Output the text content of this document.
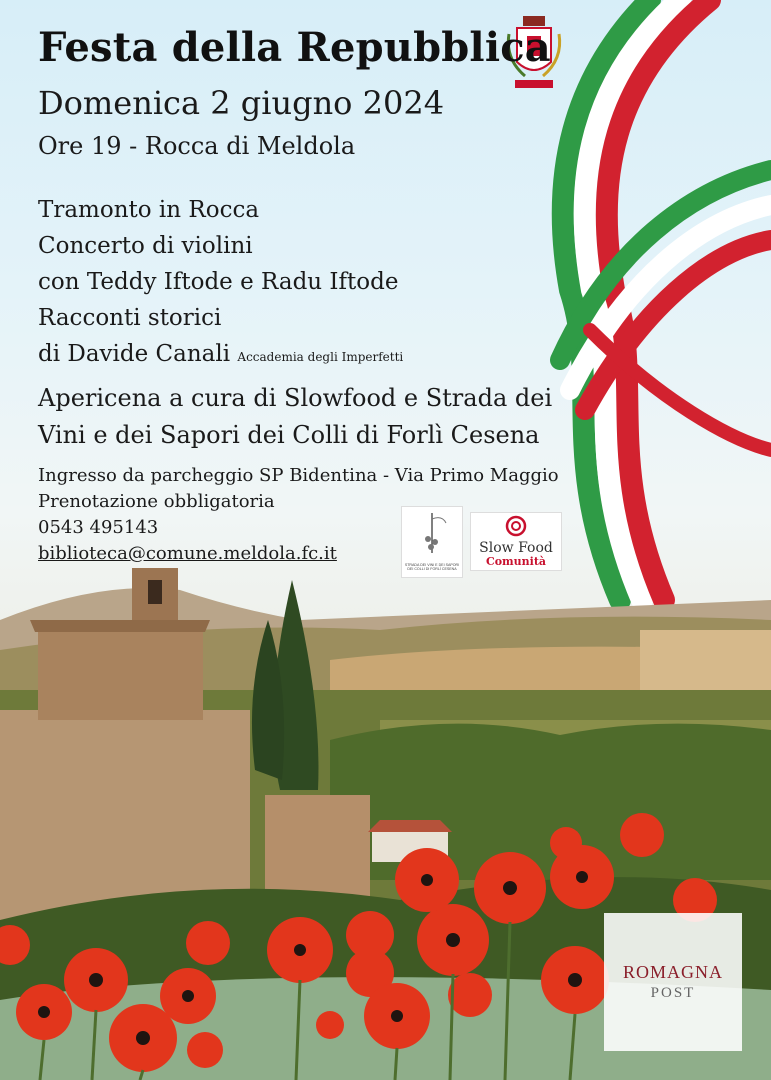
Festa della Repubblica
Domenica 2 giugno 2024
Ore 19 - Rocca di Meldola
Tramonto in Rocca
Concerto di violini
con Teddy Iftode e Radu Iftode
Racconti storici
di Davide Canali Accademia degli Imperfetti
Apericena a cura di Slowfood e Strada dei
Vini e dei Sapori dei Colli di Forlì Cesena
Ingresso da parcheggio SP Bidentina - Via Primo Maggio
Prenotazione obbligatoria
0543 495143
biblioteca@comune.meldola.fc.it
STRADA DEI VINI E DEI SAPORI DEI COLLI DI FORLÌ CESENA
Slow Food
Comunità
ROMAGNA
POST
